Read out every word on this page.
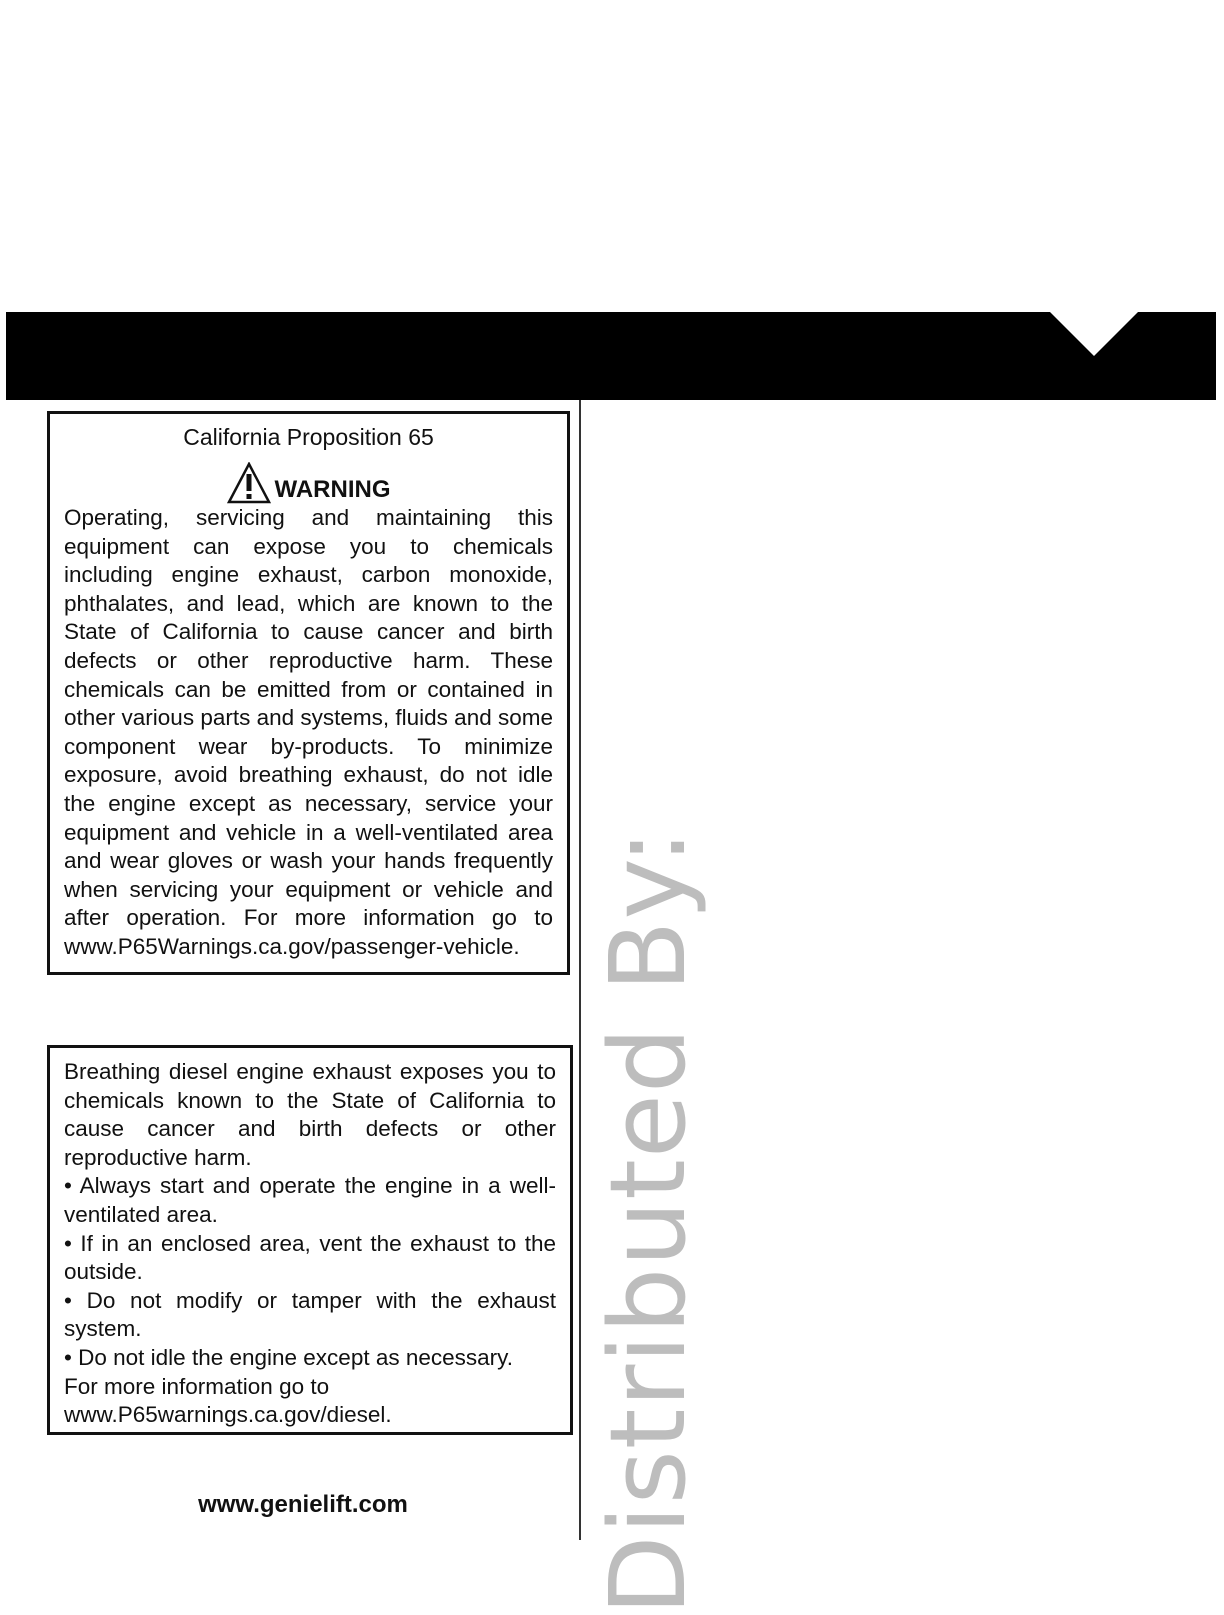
California Proposition 65
WARNING

Operating, servicing and maintaining this equipment can expose you to chemicals including engine exhaust, carbon monoxide, phthalates, and lead, which are known to the State of California to cause cancer and birth defects or other reproductive harm. These chemicals can be emitted from or contained in other various parts and systems, fluids and some component wear by-products. To minimize exposure, avoid breathing exhaust, do not idle the engine except as necessary, service your equipment and vehicle in a well-ventilated area and wear gloves or wash your hands frequently when servicing your equipment or vehicle and after operation. For more information go to www.P65Warnings.ca.gov/passenger-vehicle.

Breathing diesel engine exhaust exposes you to chemicals known to the State of California to cause cancer and birth defects or other reproductive harm.

• Always start and operate the engine in a well-ventilated area.

• If in an enclosed area, vent the exhaust to the outside.

• Do not modify or tamper with the exhaust system.

• Do not idle the engine except as necessary.

For more information go to

www.P65warnings.ca.gov/diesel.

www.genielift.com	Distributed By:
